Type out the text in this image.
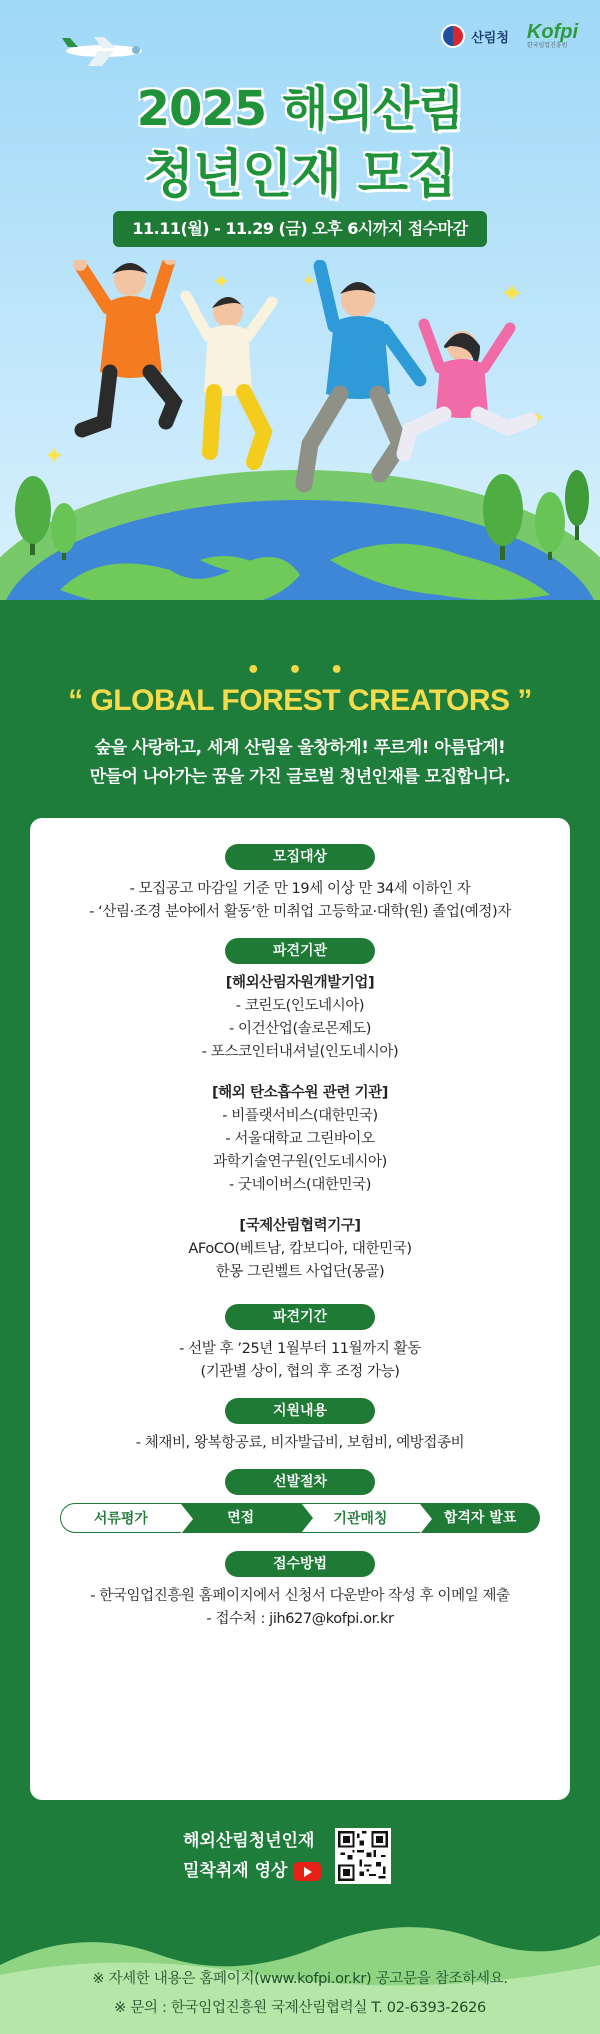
산림청 Kofpi
한국임업진흥원
2025 해외산림
청년인재 모집
11.11(월) - 11.29 (금) 오후 6시까지 접수마감
✦	✦
✦
✦
✦
• • •
“ GLOBAL FOREST CREATORS ”
숲을 사랑하고, 세계 산림을 울창하게! 푸르게! 아름답게!
만들어 나아가는 꿈을 가진 글로벌 청년인재를 모집합니다.
모집대상
- 모집공고 마감일 기준 만 19세 이상 만 34세 이하인 자
- ‘산림·조경 분야에서 활동’한 미취업 고등학교·대학(원) 졸업(예정)자
파견기관
[해외산림자원개발기업]
- 코린도(인도네시아)
- 이건산업(솔로몬제도)
- 포스코인터내셔널(인도네시아)
[해외 탄소흡수원 관련 기관]
- 비플랫서비스(대한민국)
- 서울대학교 그린바이오
과학기술연구원(인도네시아)
- 굿네이버스(대한민국)
[국제산림협력기구]
AFoCO(베트남, 캄보디아, 대한민국)
한몽 그린벨트 사업단(몽골)
파견기간
- 선발 후 ’25년 1월부터 11월까지 활동
(기관별 상이, 협의 후 조정 가능)
지원내용
- 체재비, 왕복항공료, 비자발급비, 보험비, 예방접종비
선발절차
서류평가	면접	기관매칭	합격자 발표
접수방법
- 한국임업진흥원 홈페이지에서 신청서 다운받아 작성 후 이메일 제출
- 접수처 : jih627@kofpi.or.kr
해외산림청년인재
밀착취재 영상
※ 자세한 내용은 홈페이지(www.kofpi.or.kr) 공고문을 참조하세요.
※ 문의 : 한국임업진흥원 국제산림협력실 T. 02-6393-2626
